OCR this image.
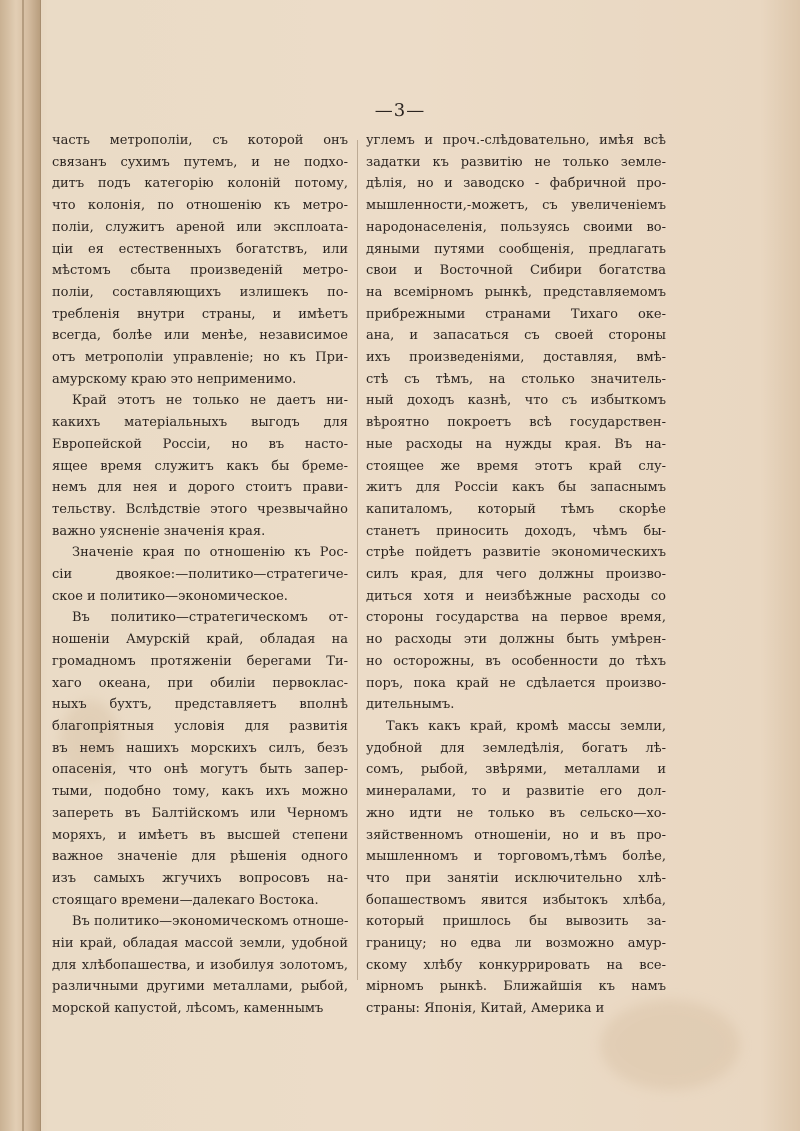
—3—
часть метрополіи, съ которой онъ
связанъ сухимъ путемъ, и не подхо-
дитъ подъ категорію колоній потому,
что колонія, по отношенію къ метро-
поліи, служитъ ареной или эксплоата-
ціи ея естественныхъ богатствъ, или
мѣстомъ сбыта произведеній метро-
поліи, составляющихъ излишекъ по-
требленія внутри страны, и имѣетъ
всегда, болѣе или менѣе, независимое
отъ метрополіи управленіе; но къ При-
амурскому краю это неприменимо.
Край этотъ не только не даетъ ни-
какихъ матеріальныхъ выгодъ для
Европейской Россіи, но въ насто-
ящее время служитъ какъ бы бреме-
немъ для нея и дорого стоитъ прави-
тельству. Вслѣдствіе этого чрезвычайно
важно уясненіе значенія края.
Значеніе края по отношенію къ Рос-
сіи двоякое:—политико—стратегиче-
ское и политико—экономическое.
Въ политико—стратегическомъ от-
ношеніи Амурскій край, обладая на
громадномъ протяженіи берегами Ти-
хаго океана, при обиліи первоклас-
ныхъ бухтъ, представляетъ вполнѣ
благопріятныя условія для развитія
въ немъ нашихъ морскихъ силъ, безъ
опасенія, что онѣ могутъ быть запер-
тыми, подобно тому, какъ ихъ можно
запереть въ Балтійскомъ или Черномъ
моряхъ, и имѣетъ въ высшей степени
важное значеніе для рѣшенія одного
изъ самыхъ жгучихъ вопросовъ на-
стоящаго времени—далекаго Востока.
Въ политико—экономическомъ отноше-
ніи край, обладая массой земли, удобной
для хлѣбопашества, и изобилуя золотомъ,
различными другими металлами, рыбой,
морской капустой, лѣсомъ, каменнымъ
углемъ и проч.-слѣдовательно, имѣя всѣ
задатки къ развитію не только земле-
дѣлія, но и заводско - фабричной про-
мышленности,-можетъ, съ увеличеніемъ
народонаселенія, пользуясь своими во-
дяными путями сообщенія, предлагать
свои и Восточной Сибири богатства
на всемірномъ рынкѣ, представляемомъ
прибрежными странами Тихаго оке-
ана, и запасаться съ своей стороны
ихъ произведеніями, доставляя, вмѣ-
стѣ съ тѣмъ, на столько значитель-
ный доходъ казнѣ, что съ избыткомъ
вѣроятно покроетъ всѣ государствен-
ные расходы на нужды края. Въ на-
стоящее же время этотъ край слу-
житъ для Россіи какъ бы запаснымъ
капиталомъ, который тѣмъ скорѣе
станетъ приносить доходъ, чѣмъ бы-
стрѣе пойдетъ развитіе экономическихъ
силъ края, для чего должны произво-
диться хотя и неизбѣжные расходы со
стороны государства на первое время,
но расходы эти должны быть умѣрен-
но осторожны, въ особенности до тѣхъ
поръ, пока край не сдѣлается произво-
дительнымъ.
Такъ какъ край, кромѣ массы земли,
удобной для земледѣлія, богатъ лѣ-
сомъ, рыбой, звѣрями, металлами и
минералами, то и развитіе его дол-
жно идти не только въ сельско—хо-
зяйственномъ отношеніи, но и въ про-
мышленномъ и торговомъ,тѣмъ болѣе,
что при занятіи исключительно хлѣ-
бопашествомъ явится избытокъ хлѣба,
который пришлось бы вывозить за-
границу; но едва ли возможно амур-
скому хлѣбу конкуррировать на все-
мірномъ рынкѣ. Ближайшія къ намъ
страны: Японія, Китай, Америка и
